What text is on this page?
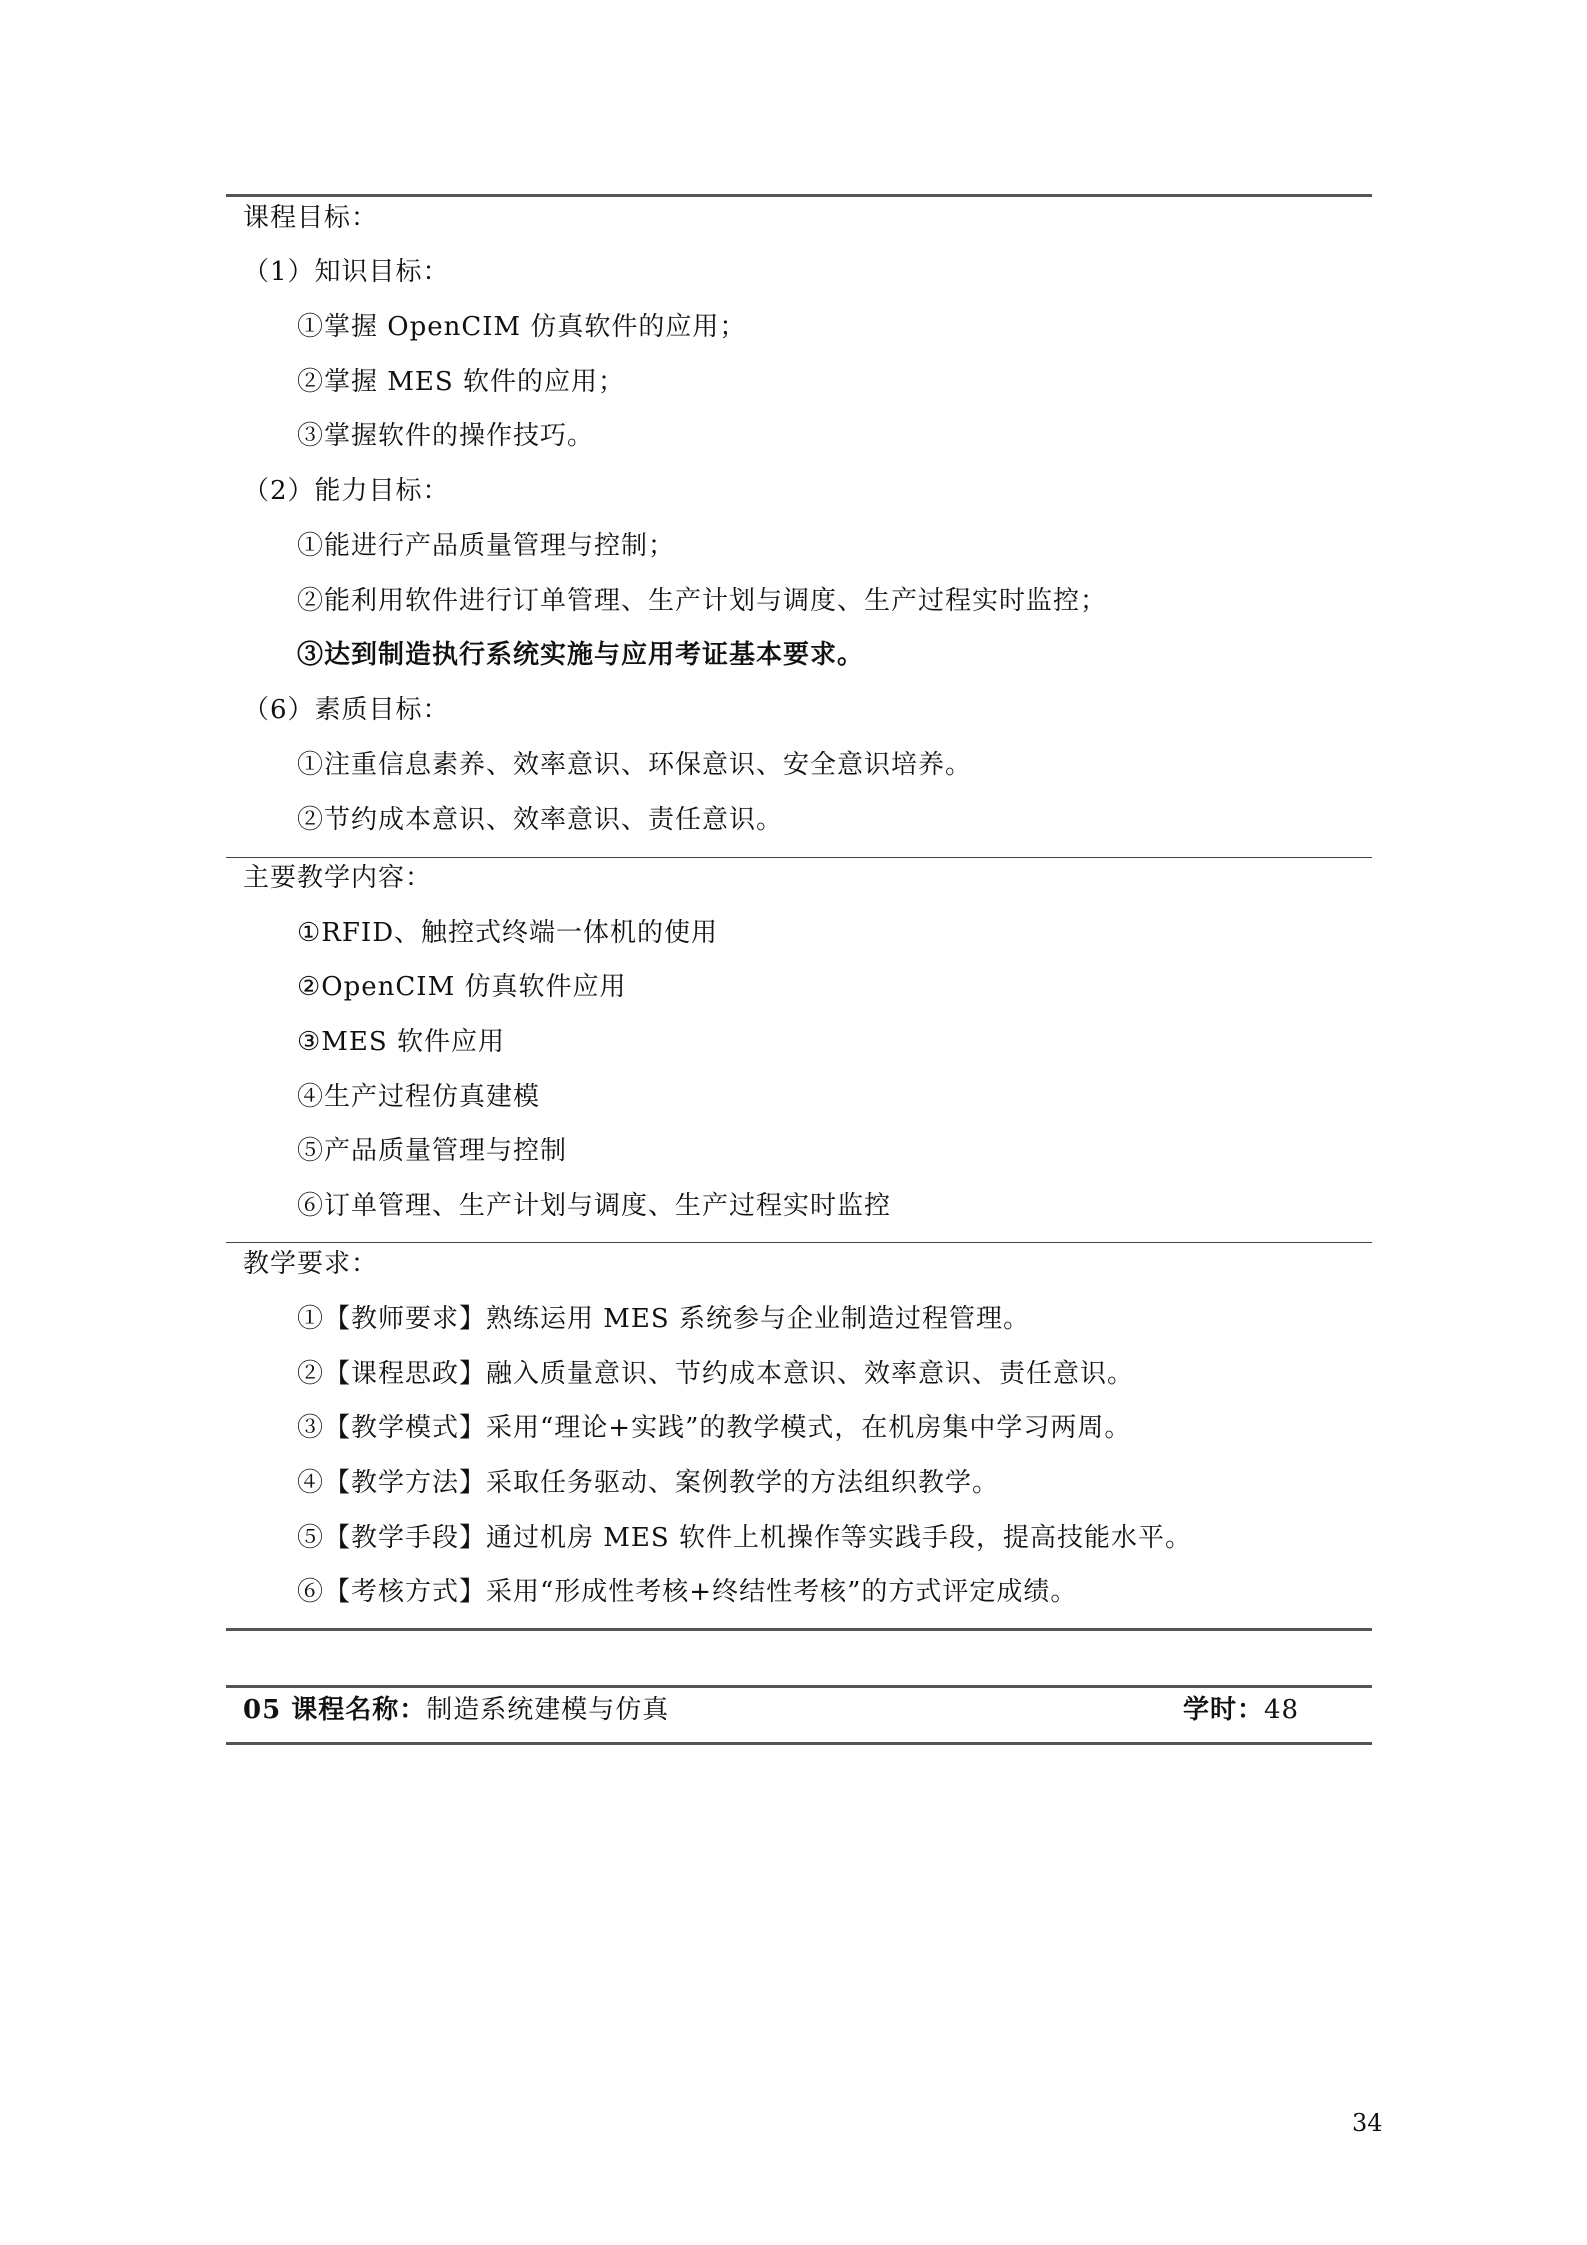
课程目标：
（1）知识目标：
①掌握 OpenCIM 仿真软件的应用；
②掌握 MES 软件的应用；
③掌握软件的操作技巧。
（2）能力目标：
①能进行产品质量管理与控制；
②能利用软件进行订单管理、生产计划与调度、生产过程实时监控；
③达到制造执行系统实施与应用考证基本要求。
（6）素质目标：
①注重信息素养、效率意识、环保意识、安全意识培养。
②节约成本意识、效率意识、责任意识。
主要教学内容：
①RFID、触控式终端一体机的使用
②OpenCIM 仿真软件应用
③MES 软件应用
④生产过程仿真建模
⑤产品质量管理与控制
⑥订单管理、生产计划与调度、生产过程实时监控
教学要求：
①【教师要求】熟练运用 MES 系统参与企业制造过程管理。
②【课程思政】融入质量意识、节约成本意识、效率意识、责任意识。
③【教学模式】采用“理论+实践”的教学模式，在机房集中学习两周。
④【教学方法】采取任务驱动、案例教学的方法组织教学。
⑤【教学手段】通过机房 MES 软件上机操作等实践手段，提高技能水平。
⑥【考核方式】采用“形成性考核+终结性考核”的方式评定成绩。
05 课程名称：制造系统建模与仿真	学时：48
34
